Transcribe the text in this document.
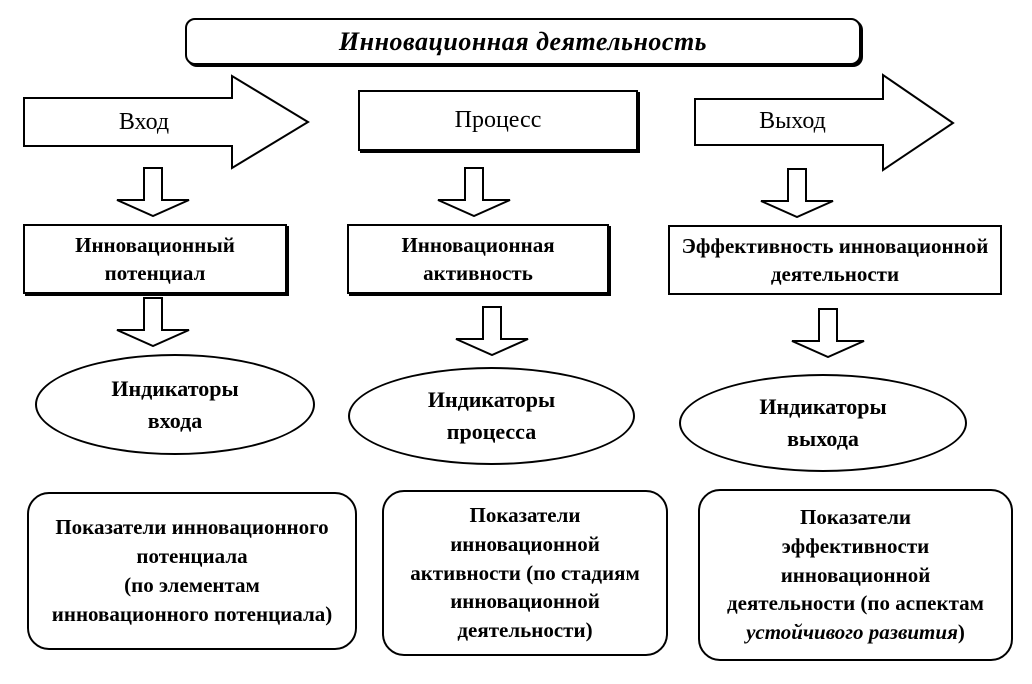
Инновационная деятельность
Вход	Процесс	Выход
Инновационный
потенциал
Инновационная
активность
Эффективность инновационной
деятельности
Индикаторы
входа
Индикаторы
процесса
Индикаторы
выхода
Показатели инновационного
потенциала
(по элементам
инновационного потенциала)
Показатели
инновационной
активности (по стадиям
инновационной
деятельности)
Показатели
эффективности
инновационной
деятельности (по аспектам
устойчивого развития)
